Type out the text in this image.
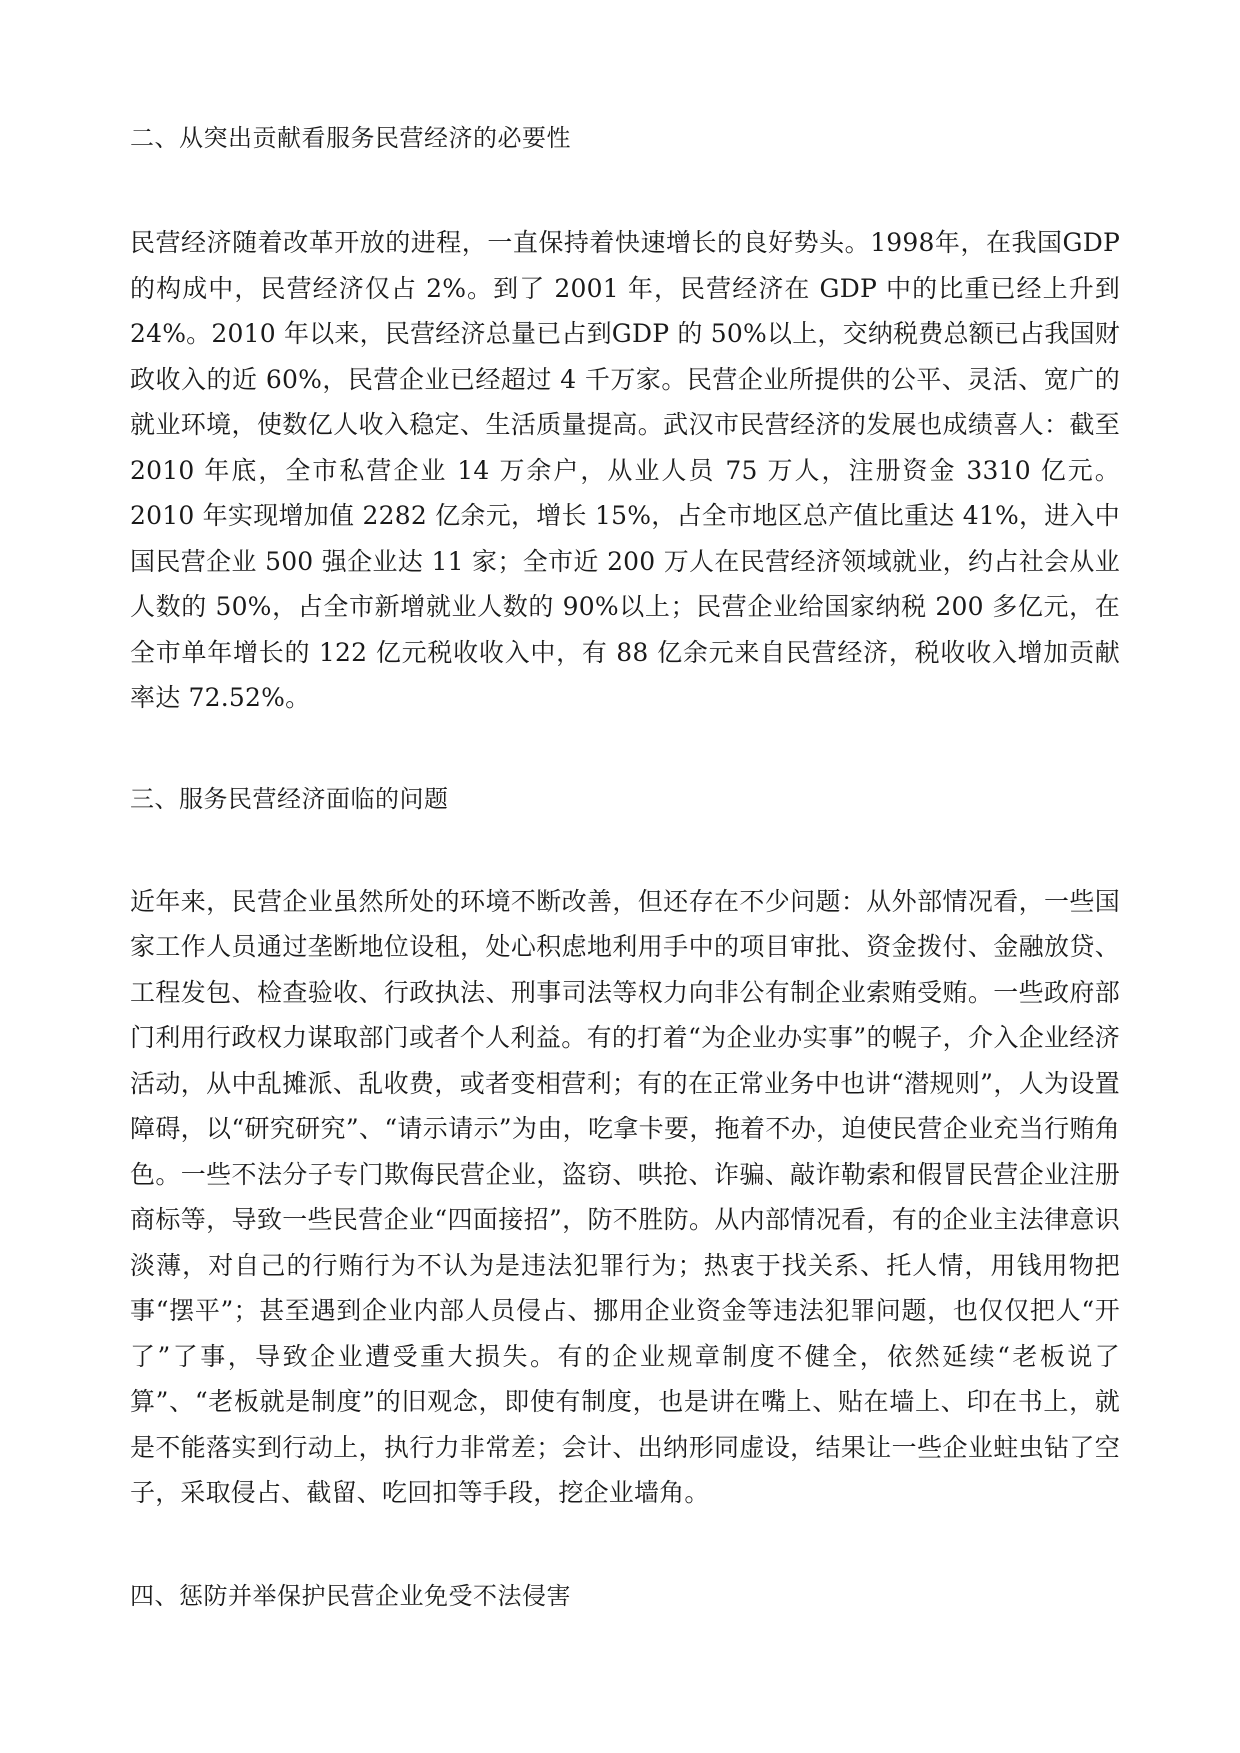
二、从突出贡献看服务民营经济的必要性

民营经济随着改革开放的进程，一直保持着快速增长的良好势头。1998年，在我国GDP 的构成中，民营经济仅占 2%。到了 2001 年，民营经济在 GDP 中的比重已经上升到 24%。2010 年以来，民营经济总量已占到GDP 的 50%以上，交纳税费总额已占我国财政收入的近 60%，民营企业已经超过 4 千万家。民营企业所提供的公平、灵活、宽广的就业环境，使数亿人收入稳定、生活质量提高。武汉市民营经济的发展也成绩喜人：截至 2010 年底，全市私营企业 14 万余户，从业人员 75 万人，注册资金 3310 亿元。2010 年实现增加值 2282 亿余元，增长 15%，占全市地区总产值比重达 41%，进入中国民营企业 500 强企业达 11 家；全市近 200 万人在民营经济领域就业，约占社会从业人数的 50%，占全市新增就业人数的 90%以上；民营企业给国家纳税 200 多亿元，在全市单年增长的 122 亿元税收收入中，有 88 亿余元来自民营经济，税收收入增加贡献率达 72.52%。

三、服务民营经济面临的问题

近年来，民营企业虽然所处的环境不断改善，但还存在不少问题：从外部情况看，一些国家工作人员通过垄断地位设租，处心积虑地利用手中的项目审批、资金拨付、金融放贷、工程发包、检查验收、行政执法、刑事司法等权力向非公有制企业索贿受贿。一些政府部门利用行政权力谋取部门或者个人利益。有的打着“为企业办实事”的幌子，介入企业经济活动，从中乱摊派、乱收费，或者变相营利；有的在正常业务中也讲“潜规则”，人为设置障碍，以“研究研究”、“请示请示”为由，吃拿卡要，拖着不办，迫使民营企业充当行贿角色。一些不法分子专门欺侮民营企业，盗窃、哄抢、诈骗、敲诈勒索和假冒民营企业注册商标等，导致一些民营企业“四面接招”，防不胜防。从内部情况看，有的企业主法律意识淡薄，对自己的行贿行为不认为是违法犯罪行为；热衷于找关系、托人情，用钱用物把事“摆平”；甚至遇到企业内部人员侵占、挪用企业资金等违法犯罪问题，也仅仅把人“开了”了事，导致企业遭受重大损失。有的企业规章制度不健全，依然延续“老板说了算”、“老板就是制度”的旧观念，即使有制度，也是讲在嘴上、贴在墙上、印在书上，就是不能落实到行动上，执行力非常差；会计、出纳形同虚设，结果让一些企业蛀虫钻了空子，采取侵占、截留、吃回扣等手段，挖企业墙角。

四、惩防并举保护民营企业免受不法侵害
